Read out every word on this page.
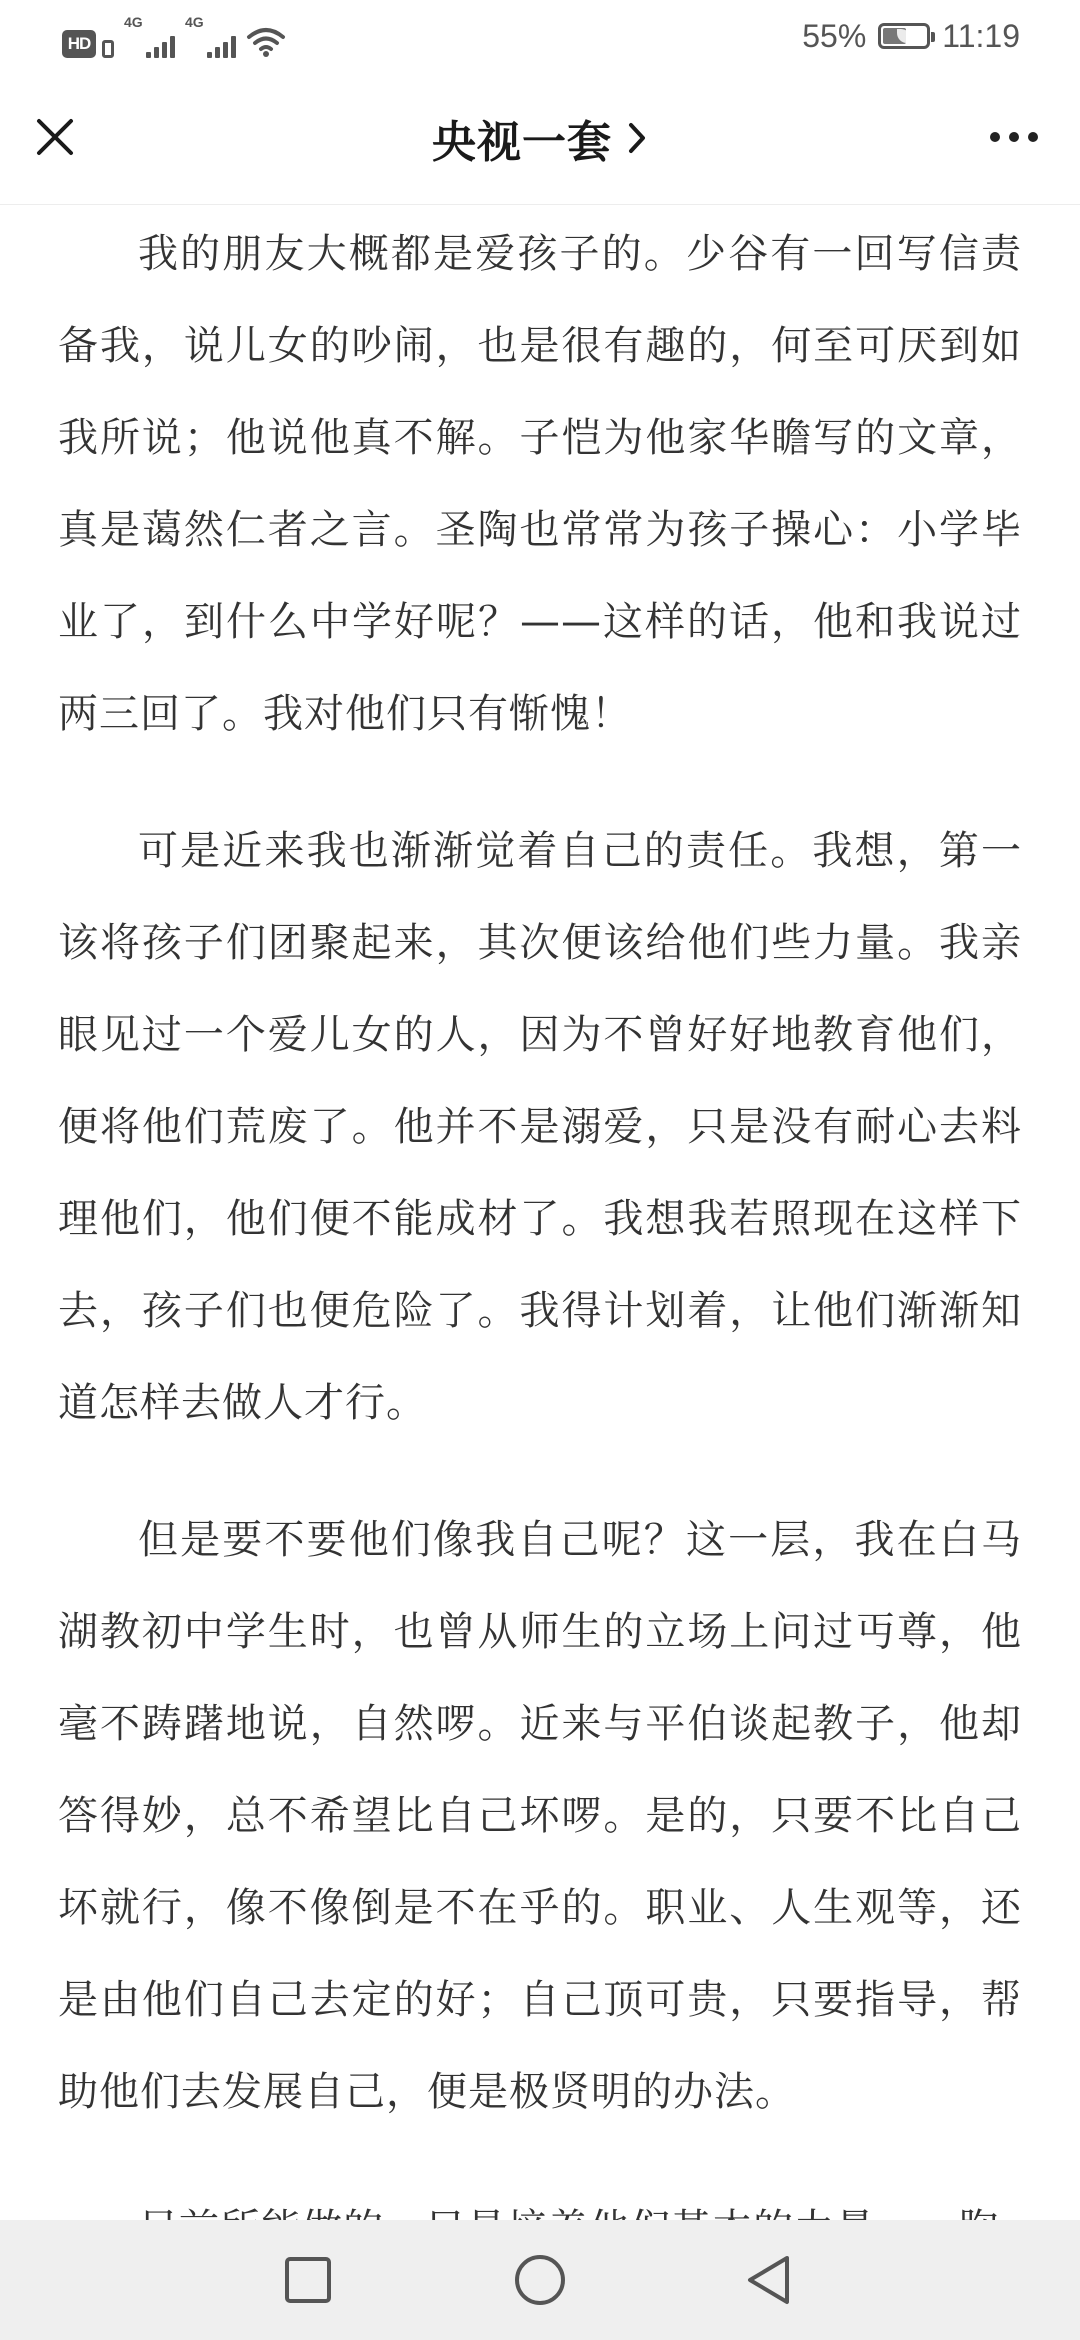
HD
4G	4G	55% 11:19
央视一套

我的朋友大概都是爱孩子的。少谷有一回写信责备我，说儿女的吵闹，也是很有趣的，何至可厌到如我所说；他说他真不解。子恺为他家华瞻写的文章，真是蔼然仁者之言。圣陶也常常为孩子操心：小学毕业了，到什么中学好呢？——这样的话，他和我说过两三回了。我对他们只有惭愧！

可是近来我也渐渐觉着自己的责任。我想，第一该将孩子们团聚起来，其次便该给他们些力量。我亲眼见过一个爱儿女的人，因为不曾好好地教育他们，便将他们荒废了。他并不是溺爱，只是没有耐心去料理他们，他们便不能成材了。我想我若照现在这样下去，孩子们也便危险了。我得计划着，让他们渐渐知道怎样去做人才行。

但是要不要他们像我自己呢？这一层，我在白马湖教初中学生时，也曾从师生的立场上问过丏尊，他毫不踌躇地说，自然啰。近来与平伯谈起教子，他却答得妙，总不希望比自己坏啰。是的，只要不比自己坏就行，像不像倒是不在乎的。职业、人生观等，还是由他们自己去定的好；自己顶可贵，只要指导，帮助他们去发展自己，便是极贤明的办法。
